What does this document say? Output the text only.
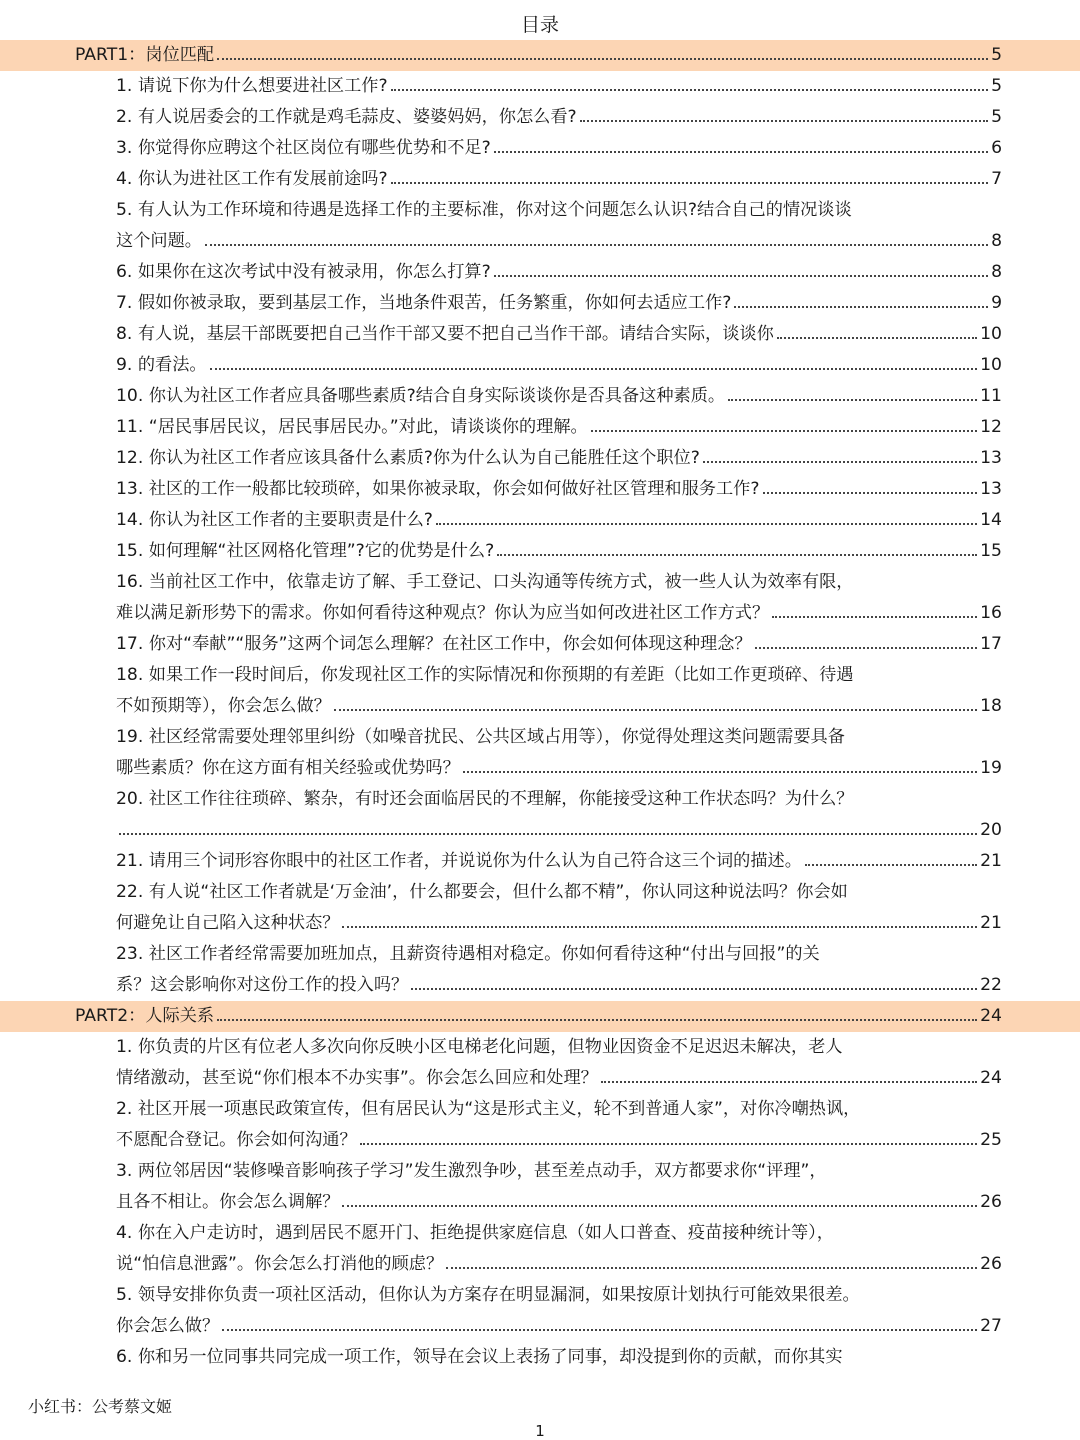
目录
PART1：岗位匹配	5
1. 请说下你为什么想要进社区工作?	5
2. 有人说居委会的工作就是鸡毛蒜皮、婆婆妈妈，你怎么看?	5
3. 你觉得你应聘这个社区岗位有哪些优势和不足?	6
4. 你认为进社区工作有发展前途吗?	7
5. 有人认为工作环境和待遇是选择工作的主要标准，你对这个问题怎么认识?结合自己的情况谈谈
这个问题。	8
6. 如果你在这次考试中没有被录用，你怎么打算?	8
7. 假如你被录取，要到基层工作，当地条件艰苦，任务繁重，你如何去适应工作?	9
8. 有人说，基层干部既要把自己当作干部又要不把自己当作干部。请结合实际，谈谈你	10
9. 的看法。	10
10. 你认为社区工作者应具备哪些素质?结合自身实际谈谈你是否具备这种素质。	11
11. “居民事居民议，居民事居民办。”对此，请谈谈你的理解。	12
12. 你认为社区工作者应该具备什么素质?你为什么认为自己能胜任这个职位?	13
13. 社区的工作一般都比较琐碎，如果你被录取，你会如何做好社区管理和服务工作?	13
14. 你认为社区工作者的主要职责是什么?	14
15. 如何理解“社区网格化管理”?它的优势是什么?	15
16. 当前社区工作中，依靠走访了解、手工登记、口头沟通等传统方式，被一些人认为效率有限，
难以满足新形势下的需求。你如何看待这种观点？你认为应当如何改进社区工作方式？	16
17. 你对“奉献”“服务”这两个词怎么理解？在社区工作中，你会如何体现这种理念？	17
18. 如果工作一段时间后，你发现社区工作的实际情况和你预期的有差距（比如工作更琐碎、待遇
不如预期等），你会怎么做？	18
19. 社区经常需要处理邻里纠纷（如噪音扰民、公共区域占用等），你觉得处理这类问题需要具备
哪些素质？你在这方面有相关经验或优势吗？	19
20. 社区工作往往琐碎、繁杂，有时还会面临居民的不理解，你能接受这种工作状态吗？为什么？
20
21. 请用三个词形容你眼中的社区工作者，并说说你为什么认为自己符合这三个词的描述。	21
22. 有人说“社区工作者就是‘万金油’，什么都要会，但什么都不精”，你认同这种说法吗？你会如
何避免让自己陷入这种状态？	21
23. 社区工作者经常需要加班加点，且薪资待遇相对稳定。你如何看待这种“付出与回报”的关
系？这会影响你对这份工作的投入吗？	22
PART2：人际关系	24
1. 你负责的片区有位老人多次向你反映小区电梯老化问题，但物业因资金不足迟迟未解决，老人
情绪激动，甚至说“你们根本不办实事”。你会怎么回应和处理？	24
2. 社区开展一项惠民政策宣传，但有居民认为“这是形式主义，轮不到普通人家”，对你冷嘲热讽，
不愿配合登记。你会如何沟通？	25
3. 两位邻居因“装修噪音影响孩子学习”发生激烈争吵，甚至差点动手，双方都要求你“评理”，
且各不相让。你会怎么调解？	26
4. 你在入户走访时，遇到居民不愿开门、拒绝提供家庭信息（如人口普查、疫苗接种统计等），
说“怕信息泄露”。你会怎么打消他的顾虑？	26
5. 领导安排你负责一项社区活动，但你认为方案存在明显漏洞，如果按原计划执行可能效果很差。
你会怎么做？	27
6. 你和另一位同事共同完成一项工作，领导在会议上表扬了同事，却没提到你的贡献，而你其实
小红书：公考蔡文姬
1
